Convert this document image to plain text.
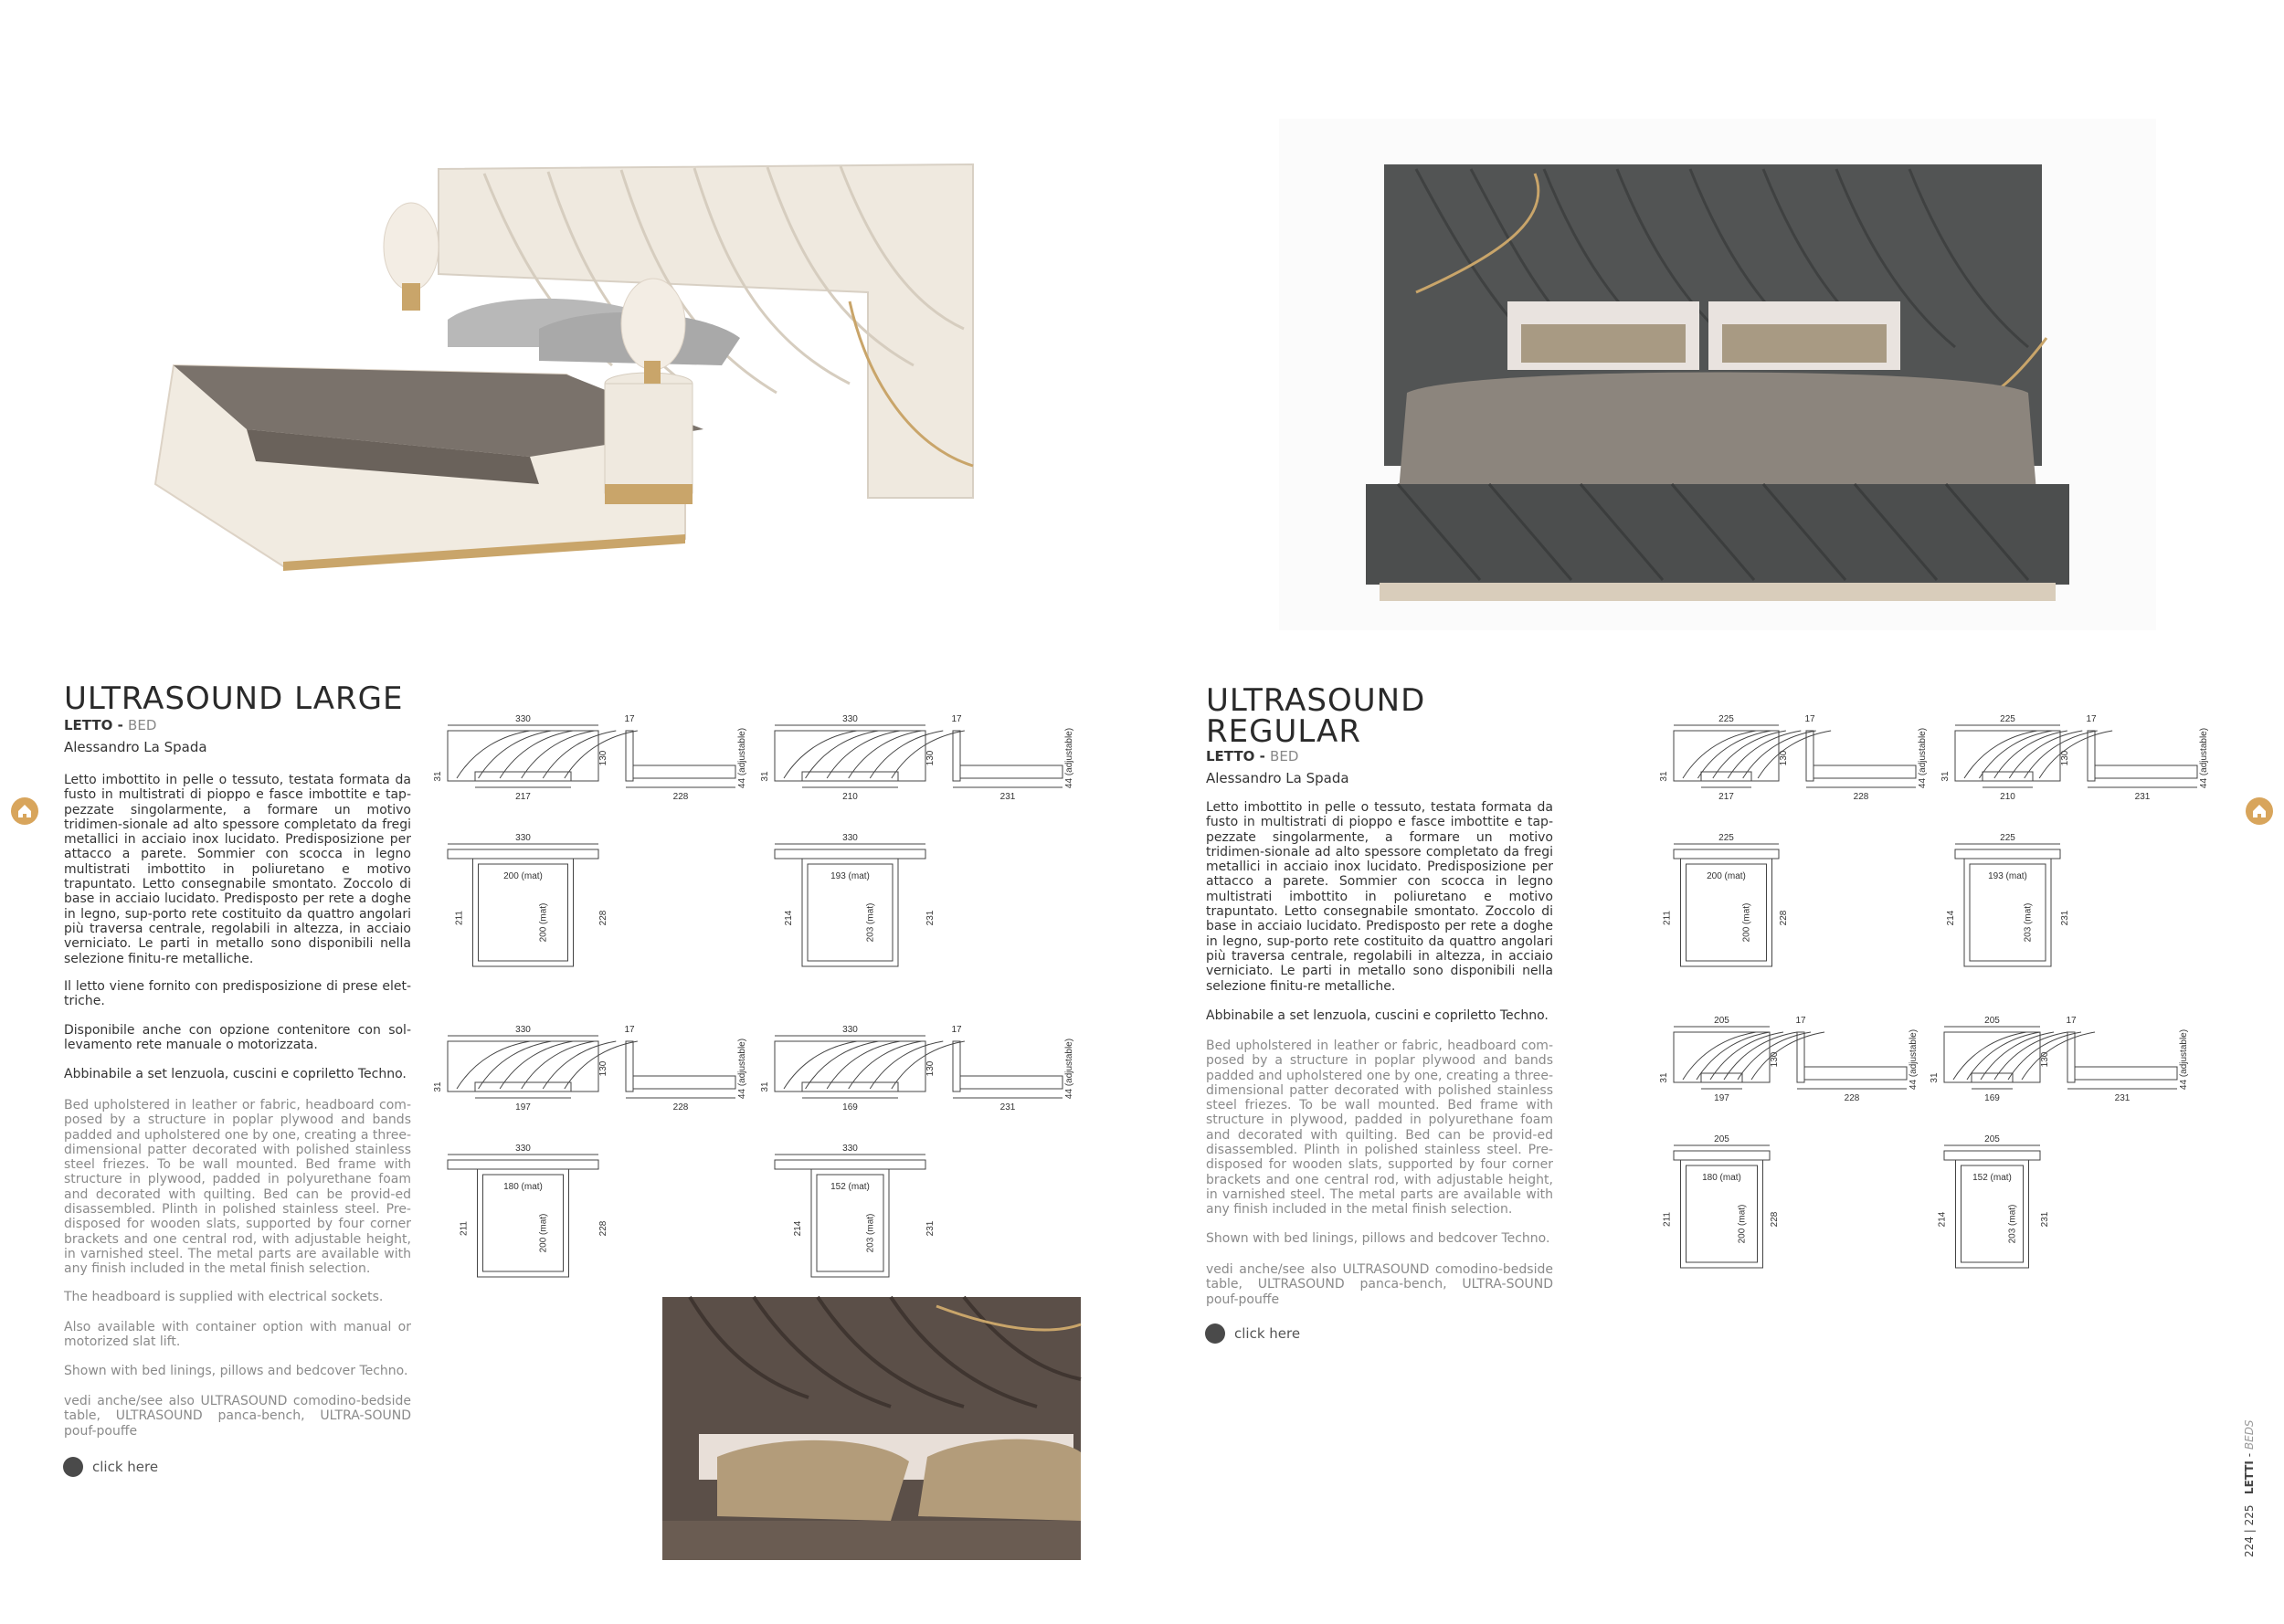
ULTRASOUND LARGE
LETTO - BED
Alessandro La Spada

Letto imbottito in pelle o tessuto, testata formata da fusto in multistrati di pioppo e fasce imbottite e tap-pezzate singolarmente, a formare un motivo tridimen-sionale ad alto spessore completato da fregi metallici in acciaio inox lucidato. Predisposizione per attacco a parete. Sommier con scocca in legno multistrati imbottito in poliuretano e motivo trapuntato. Letto consegnabile smontato. Zoccolo di base in acciaio lucidato. Predisposto per rete a doghe in legno, sup-porto rete costituito da quattro angolari più traversa centrale, regolabili in altezza, in acciaio verniciato. Le parti in metallo sono disponibili nella selezione finitu-re metalliche.

Il letto viene fornito con predisposizione di prese elet-triche.

Disponibile anche con opzione contenitore con sol-levamento rete manuale o motorizzata.

Abbinabile a set lenzuola, cuscini e copriletto Techno.

Bed upholstered in leather or fabric, headboard com-posed by a structure in poplar plywood and bands padded and upholstered one by one, creating a three-dimensional patter decorated with polished stainless steel friezes. To be wall mounted. Bed frame with structure in plywood, padded in polyurethane foam and decorated with quilting. Bed can be provid-ed disassembled. Plinth in polished stainless steel. Pre-disposed for wooden slats, supported by four corner brackets and one central rod, with adjustable height, in varnished steel. The metal parts are available with any finish included in the metal finish selection.

The headboard is supplied with electrical sockets.

Also available with container option with manual or motorized slat lift.

Shown with bed linings, pillows and bedcover Techno.

vedi anche/see also ULTRASOUND comodino-bedside table, ULTRASOUND panca-bench, ULTRA-SOUND pouf-pouffe

click here
ULTRASOUND
REGULAR
LETTO - BED
Alessandro La Spada

Letto imbottito in pelle o tessuto, testata formata da fusto in multistrati di pioppo e fasce imbottite e tap-pezzate singolarmente, a formare un motivo tridimen-sionale ad alto spessore completato da fregi metallici in acciaio inox lucidato. Predisposizione per attacco a parete. Sommier con scocca in legno multistrati imbottito in poliuretano e motivo trapuntato. Letto consegnabile smontato. Zoccolo di base in acciaio lucidato. Predisposto per rete a doghe in legno, sup-porto rete costituito da quattro angolari più traversa centrale, regolabili in altezza, in acciaio verniciato. Le parti in metallo sono disponibili nella selezione finitu-re metalliche.

Abbinabile a set lenzuola, cuscini e copriletto Techno.

Bed upholstered in leather or fabric, headboard com-posed by a structure in poplar plywood and bands padded and upholstered one by one, creating a three-dimensional patter decorated with polished stainless steel friezes. To be wall mounted. Bed frame with structure in plywood, padded in polyurethane foam and decorated with quilting. Bed can be provid-ed disassembled. Plinth in polished stainless steel. Pre-disposed for wooden slats, supported by four corner brackets and one central rod, with adjustable height, in varnished steel. The metal parts are available with any finish included in the metal finish selection.

Shown with bed linings, pillows and bedcover Techno.

vedi anche/see also ULTRASOUND comodino-bedside table, ULTRASOUND panca-bench, ULTRA-SOUND pouf-pouffe

click here
224 | 225   LETTI - BEDS
330
130
31
217
17
228
44 (adjustable)
330
200 (mat)
200 (mat)
211	228
330
130
31
210
17
231
44 (adjustable)
330
193 (mat)
203 (mat)
214	231
330
130
31
197
17
228
44 (adjustable)
330
180 (mat)
200 (mat)
211	228
330
130
31
169
17
231
44 (adjustable)
330
152 (mat)
203 (mat)
214	231
225
130
31
217
17
228
44 (adjustable)
225
200 (mat)
200 (mat)
211	228
225
130
31
210
17
231
44 (adjustable)
225
193 (mat)
203 (mat)
214	231
205
130
31
197
17
228
44 (adjustable)
205
180 (mat)
200 (mat)
211	228
205
130
31
169
17
231
44 (adjustable)
205
152 (mat)
203 (mat)
214	231
